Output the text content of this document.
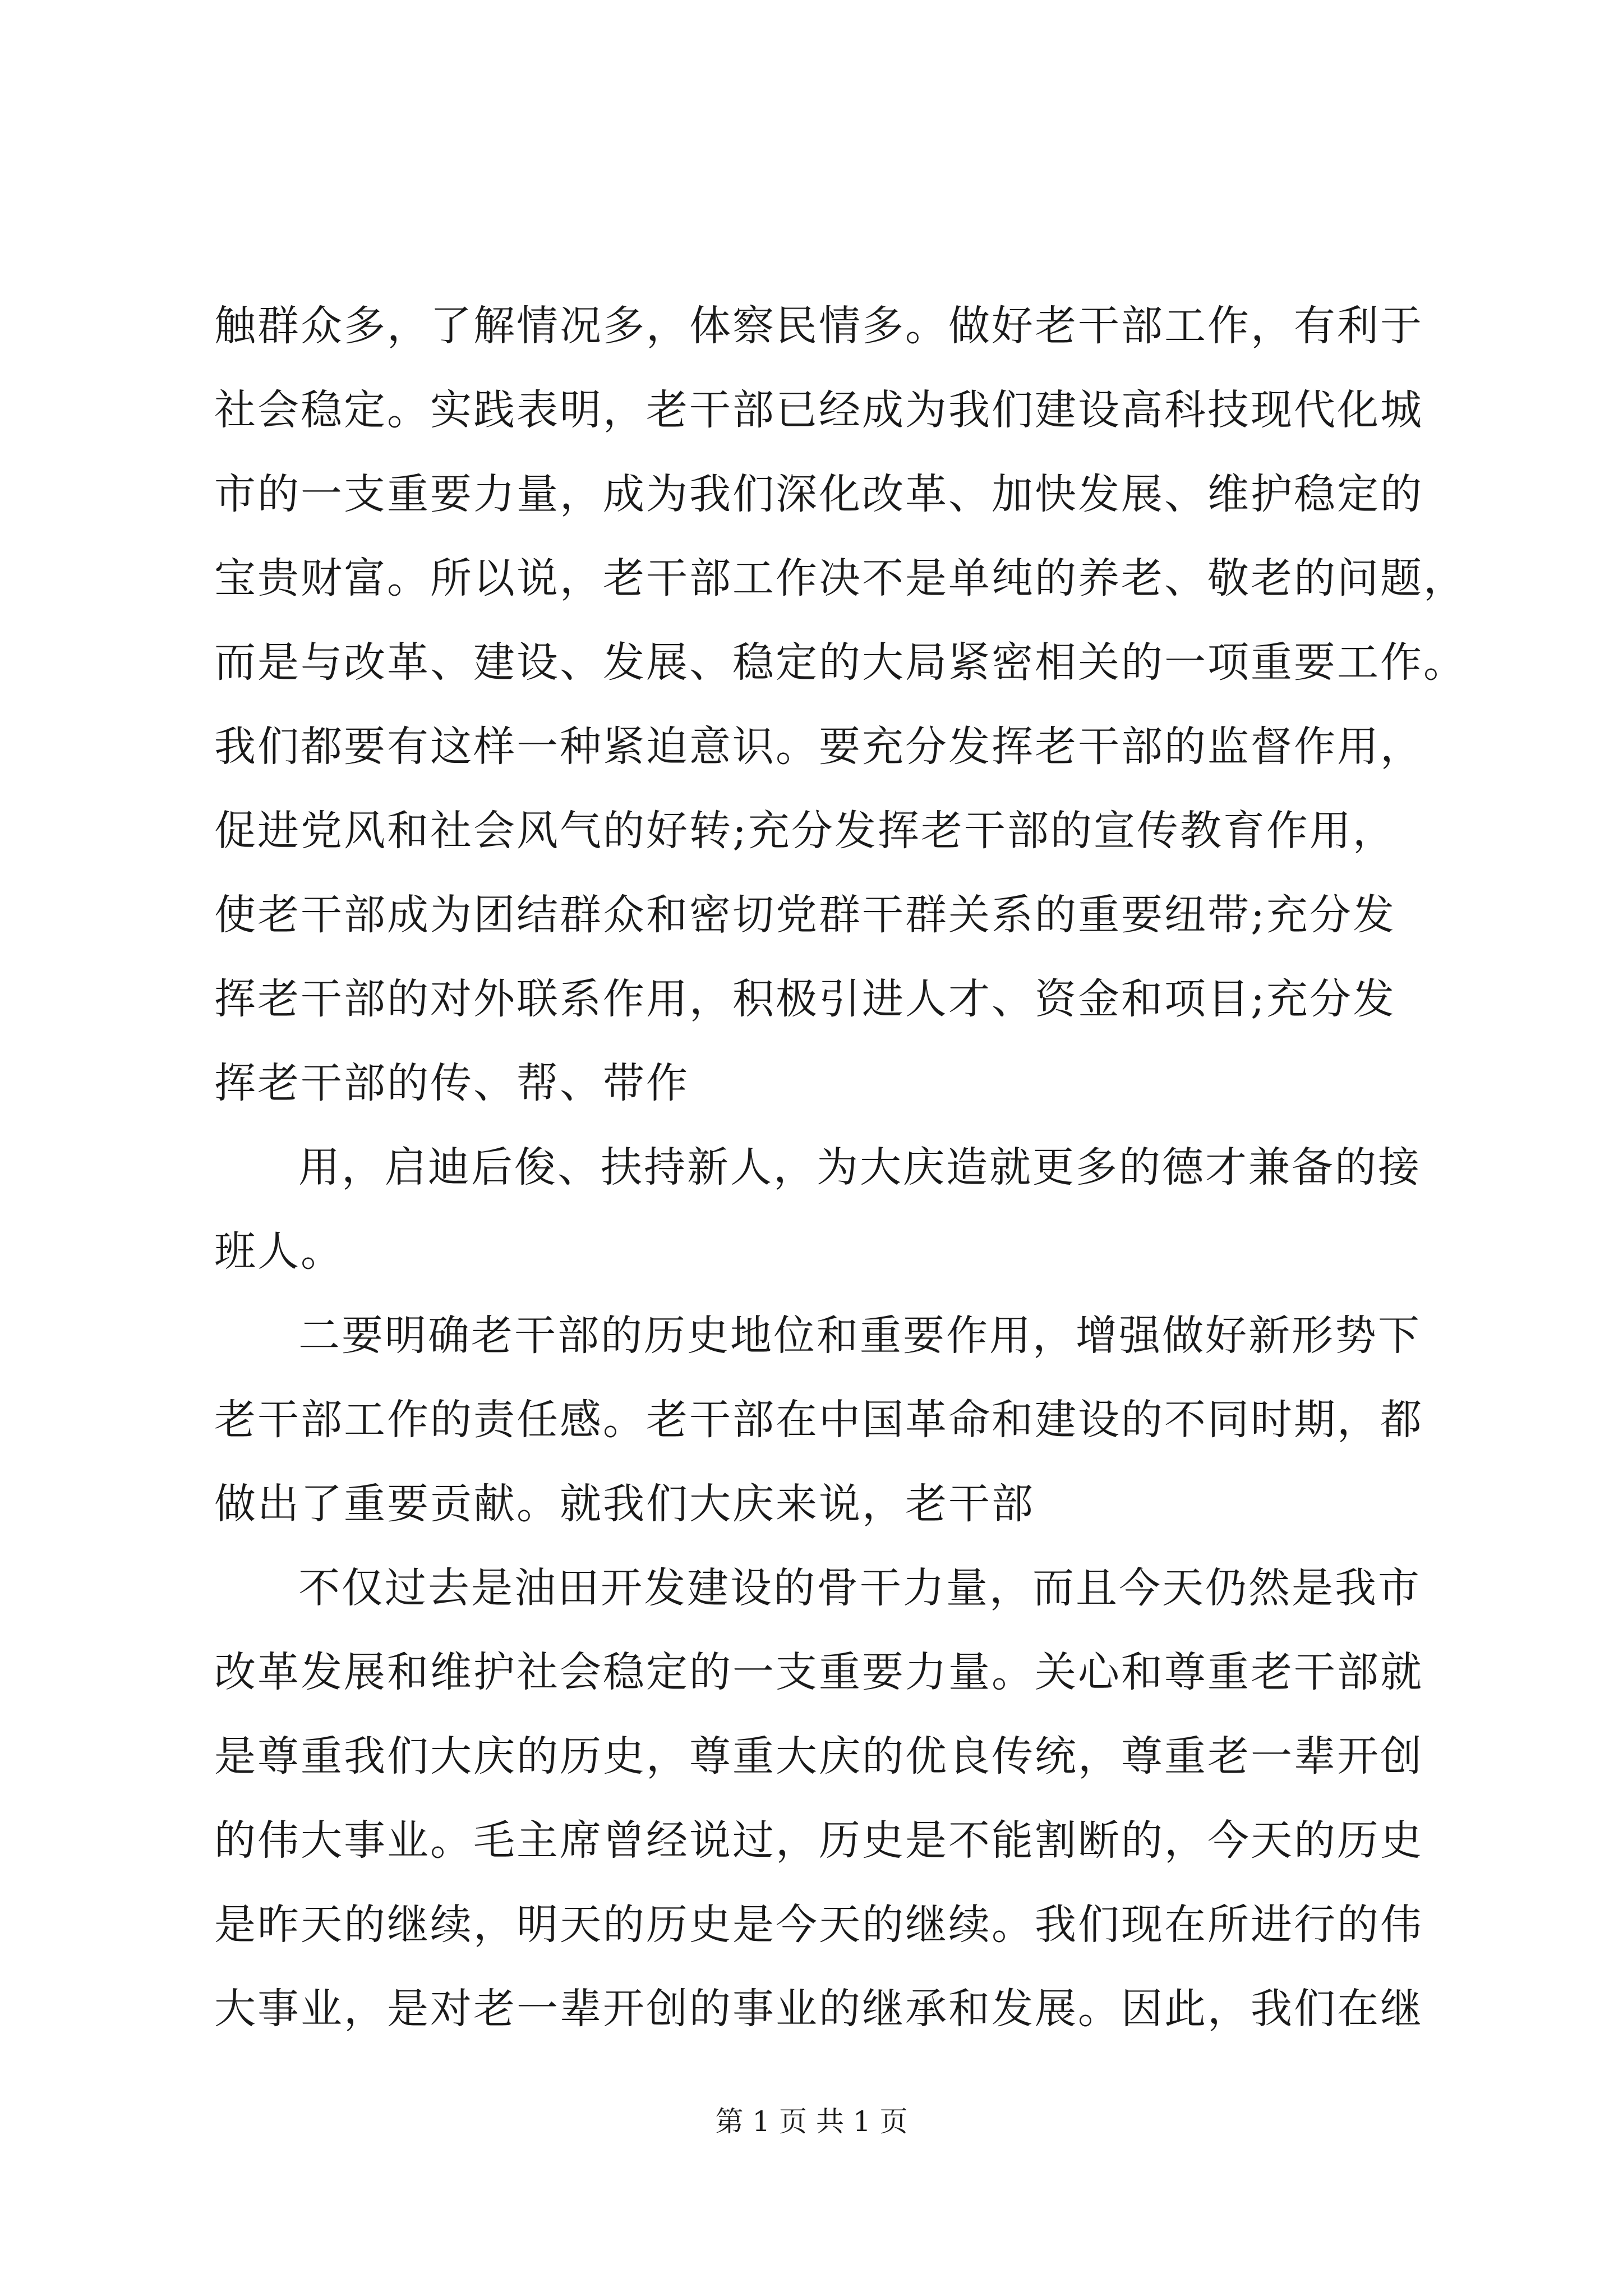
触群众多，了解情况多，体察民情多。做好老干部工作，有利于
社会稳定。实践表明，老干部已经成为我们建设高科技现代化城
市的一支重要力量，成为我们深化改革、加快发展、维护稳定的
宝贵财富。所以说，老干部工作决不是单纯的养老、敬老的问题，
而是与改革、建设、发展、稳定的大局紧密相关的一项重要工作。
我们都要有这样一种紧迫意识。要充分发挥老干部的监督作用，
促进党风和社会风气的好转;充分发挥老干部的宣传教育作用，
使老干部成为团结群众和密切党群干群关系的重要纽带;充分发
挥老干部的对外联系作用，积极引进人才、资金和项目;充分发
挥老干部的传、帮、带作
用，启迪后俊、扶持新人，为大庆造就更多的德才兼备的接
班人。
二要明确老干部的历史地位和重要作用，增强做好新形势下
老干部工作的责任感。老干部在中国革命和建设的不同时期，都
做出了重要贡献。就我们大庆来说，老干部
不仅过去是油田开发建设的骨干力量，而且今天仍然是我市
改革发展和维护社会稳定的一支重要力量。关心和尊重老干部就
是尊重我们大庆的历史，尊重大庆的优良传统，尊重老一辈开创
的伟大事业。毛主席曾经说过，历史是不能割断的，今天的历史
是昨天的继续，明天的历史是今天的继续。我们现在所进行的伟
大事业，是对老一辈开创的事业的继承和发展。因此，我们在继
第 1 页 共 1 页
